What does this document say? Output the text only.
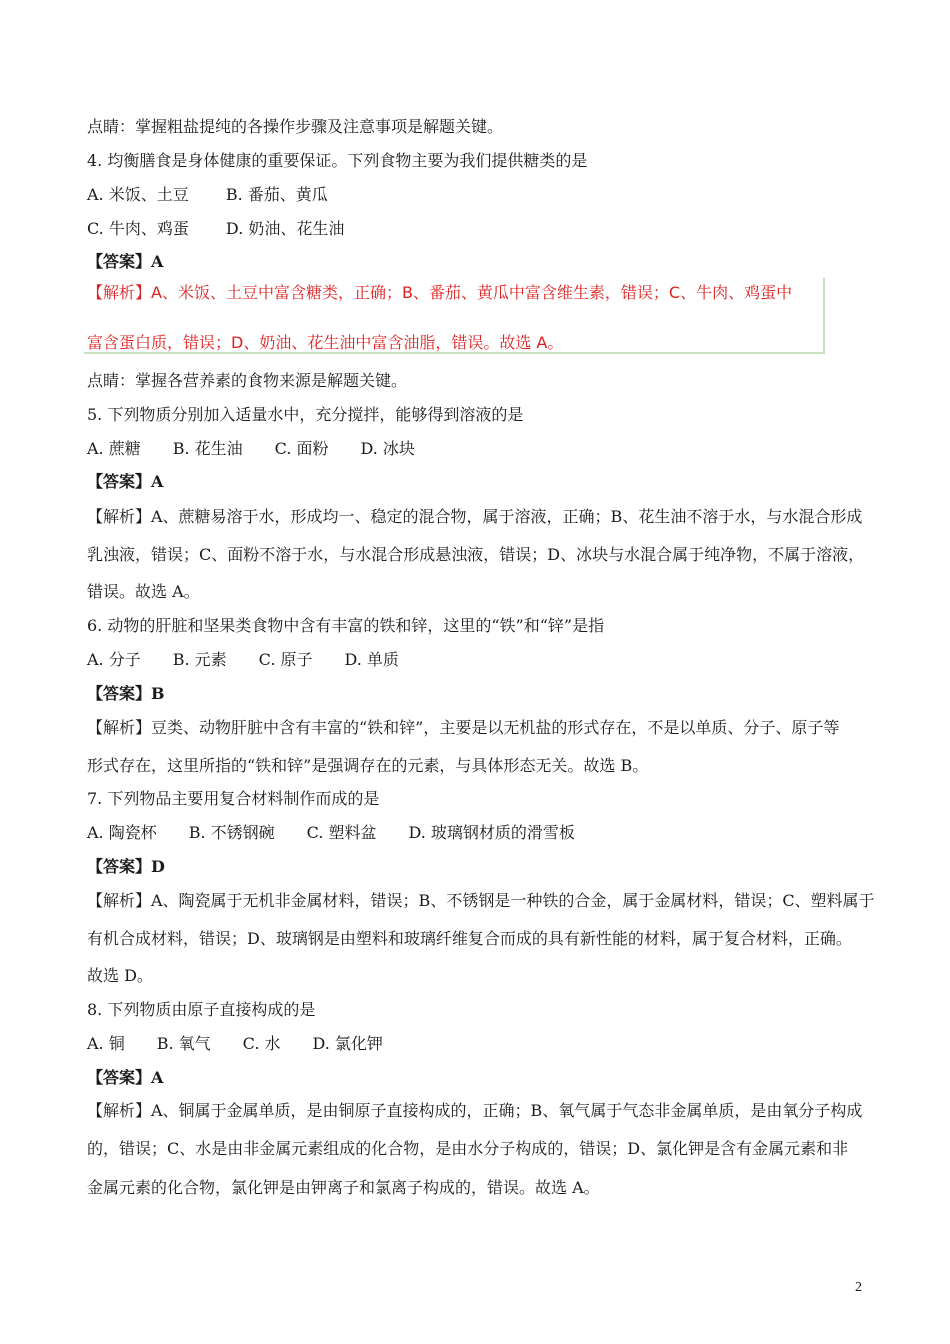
点睛：掌握粗盐提纯的各操作步骤及注意事项是解题关键。
4. 均衡膳食是身体健康的重要保证。下列食物主要为我们提供糖类的是
A. 米饭、土豆　　 B. 番茄、黄瓜
C. 牛肉、鸡蛋　　 D. 奶油、花生油
【答案】A
【解析】A、米饭、土豆中富含糖类，正确；B、番茄、黄瓜中富含维生素，错误；C、牛肉、鸡蛋中
富含蛋白质，错误；D、奶油、花生油中富含油脂，错误。故选 A。
点睛：掌握各营养素的食物来源是解题关键。
5. 下列物质分别加入适量水中，充分搅拌，能够得到溶液的是
A. 蔗糖　　B. 花生油　　C. 面粉　　D. 冰块
【答案】A
【解析】A、蔗糖易溶于水，形成均一、稳定的混合物，属于溶液，正确；B、花生油不溶于水，与水混合形成
乳浊液，错误；C、面粉不溶于水，与水混合形成悬浊液，错误；D、冰块与水混合属于纯净物，不属于溶液，
错误。故选 A。
6. 动物的肝脏和坚果类食物中含有丰富的铁和锌，这里的“铁”和“锌”是指
A. 分子　　B. 元素　　C. 原子　　D. 单质
【答案】B
【解析】豆类、动物肝脏中含有丰富的“铁和锌”，主要是以无机盐的形式存在，不是以单质、分子、原子等
形式存在，这里所指的“铁和锌”是强调存在的元素，与具体形态无关。故选 B。
7. 下列物品主要用复合材料制作而成的是
A. 陶瓷杯　　B. 不锈钢碗　　C. 塑料盆　　D. 玻璃钢材质的滑雪板
【答案】D
【解析】A、陶瓷属于无机非金属材料，错误；B、不锈钢是一种铁的合金，属于金属材料，错误；C、塑料属于
有机合成材料，错误；D、玻璃钢是由塑料和玻璃纤维复合而成的具有新性能的材料，属于复合材料，正确。
故选 D。
8. 下列物质由原子直接构成的是
A. 铜　　B. 氧气　　C. 水　　D. 氯化钾
【答案】A
【解析】A、铜属于金属单质，是由铜原子直接构成的，正确；B、氧气属于气态非金属单质，是由氧分子构成
的，错误；C、水是由非金属元素组成的化合物，是由水分子构成的，错误；D、氯化钾是含有金属元素和非
金属元素的化合物，氯化钾是由钾离子和氯离子构成的，错误。故选 A。
2
